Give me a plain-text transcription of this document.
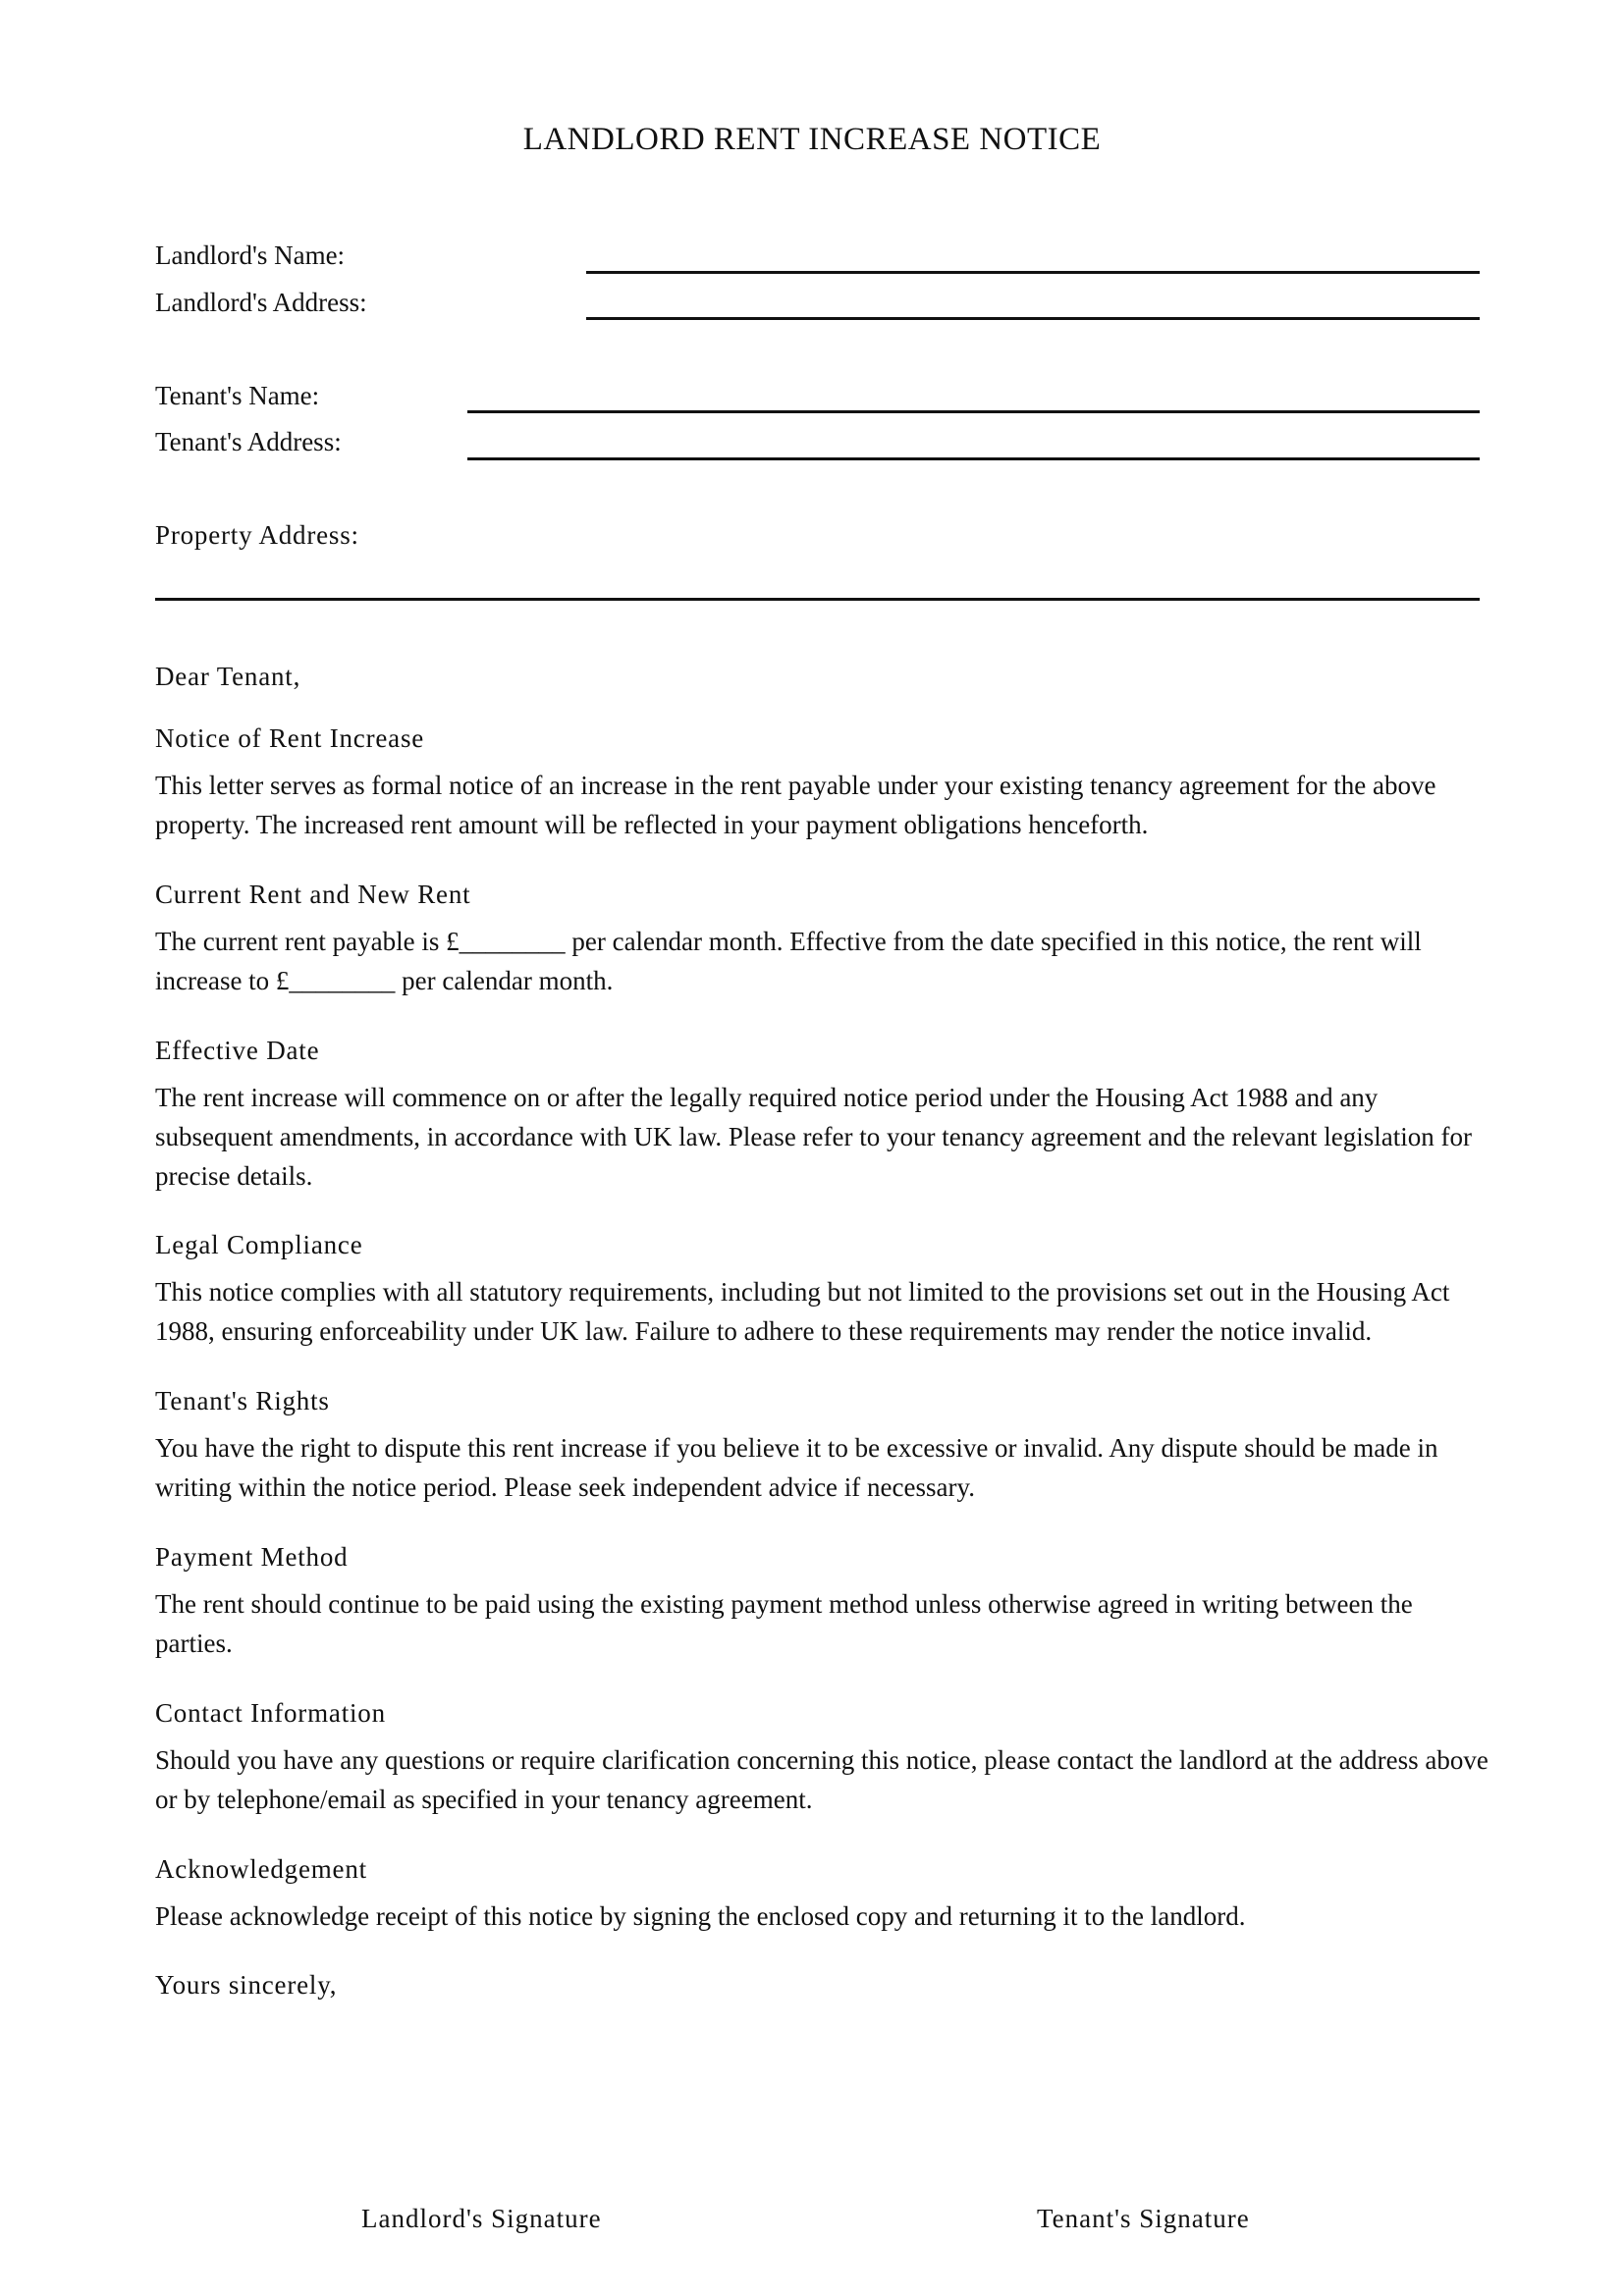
LANDLORD RENT INCREASE NOTICE
Landlord's Name:
Landlord's Address:
Tenant's Name:
Tenant's Address:
Property Address:
Dear Tenant,
Notice of Rent Increase
This letter serves as formal notice of an increase in the rent payable under your existing tenancy agreement for the above property. The increased rent amount will be reflected in your payment obligations henceforth.
Current Rent and New Rent
The current rent payable is £________ per calendar month. Effective from the date specified in this notice, the rent will increase to £________ per calendar month.
Effective Date
The rent increase will commence on or after the legally required notice period under the Housing Act 1988 and any subsequent amendments, in accordance with UK law. Please refer to your tenancy agreement and the relevant legislation for precise details.
Legal Compliance
This notice complies with all statutory requirements, including but not limited to the provisions set out in the Housing Act 1988, ensuring enforceability under UK law. Failure to adhere to these requirements may render the notice invalid.
Tenant's Rights
You have the right to dispute this rent increase if you believe it to be excessive or invalid. Any dispute should be made in writing within the notice period. Please seek independent advice if necessary.
Payment Method
The rent should continue to be paid using the existing payment method unless otherwise agreed in writing between the parties.
Contact Information
Should you have any questions or require clarification concerning this notice, please contact the landlord at the address above or by telephone/email as specified in your tenancy agreement.
Acknowledgement
Please acknowledge receipt of this notice by signing the enclosed copy and returning it to the landlord.
Yours sincerely,
Landlord's Signature	Tenant's Signature
